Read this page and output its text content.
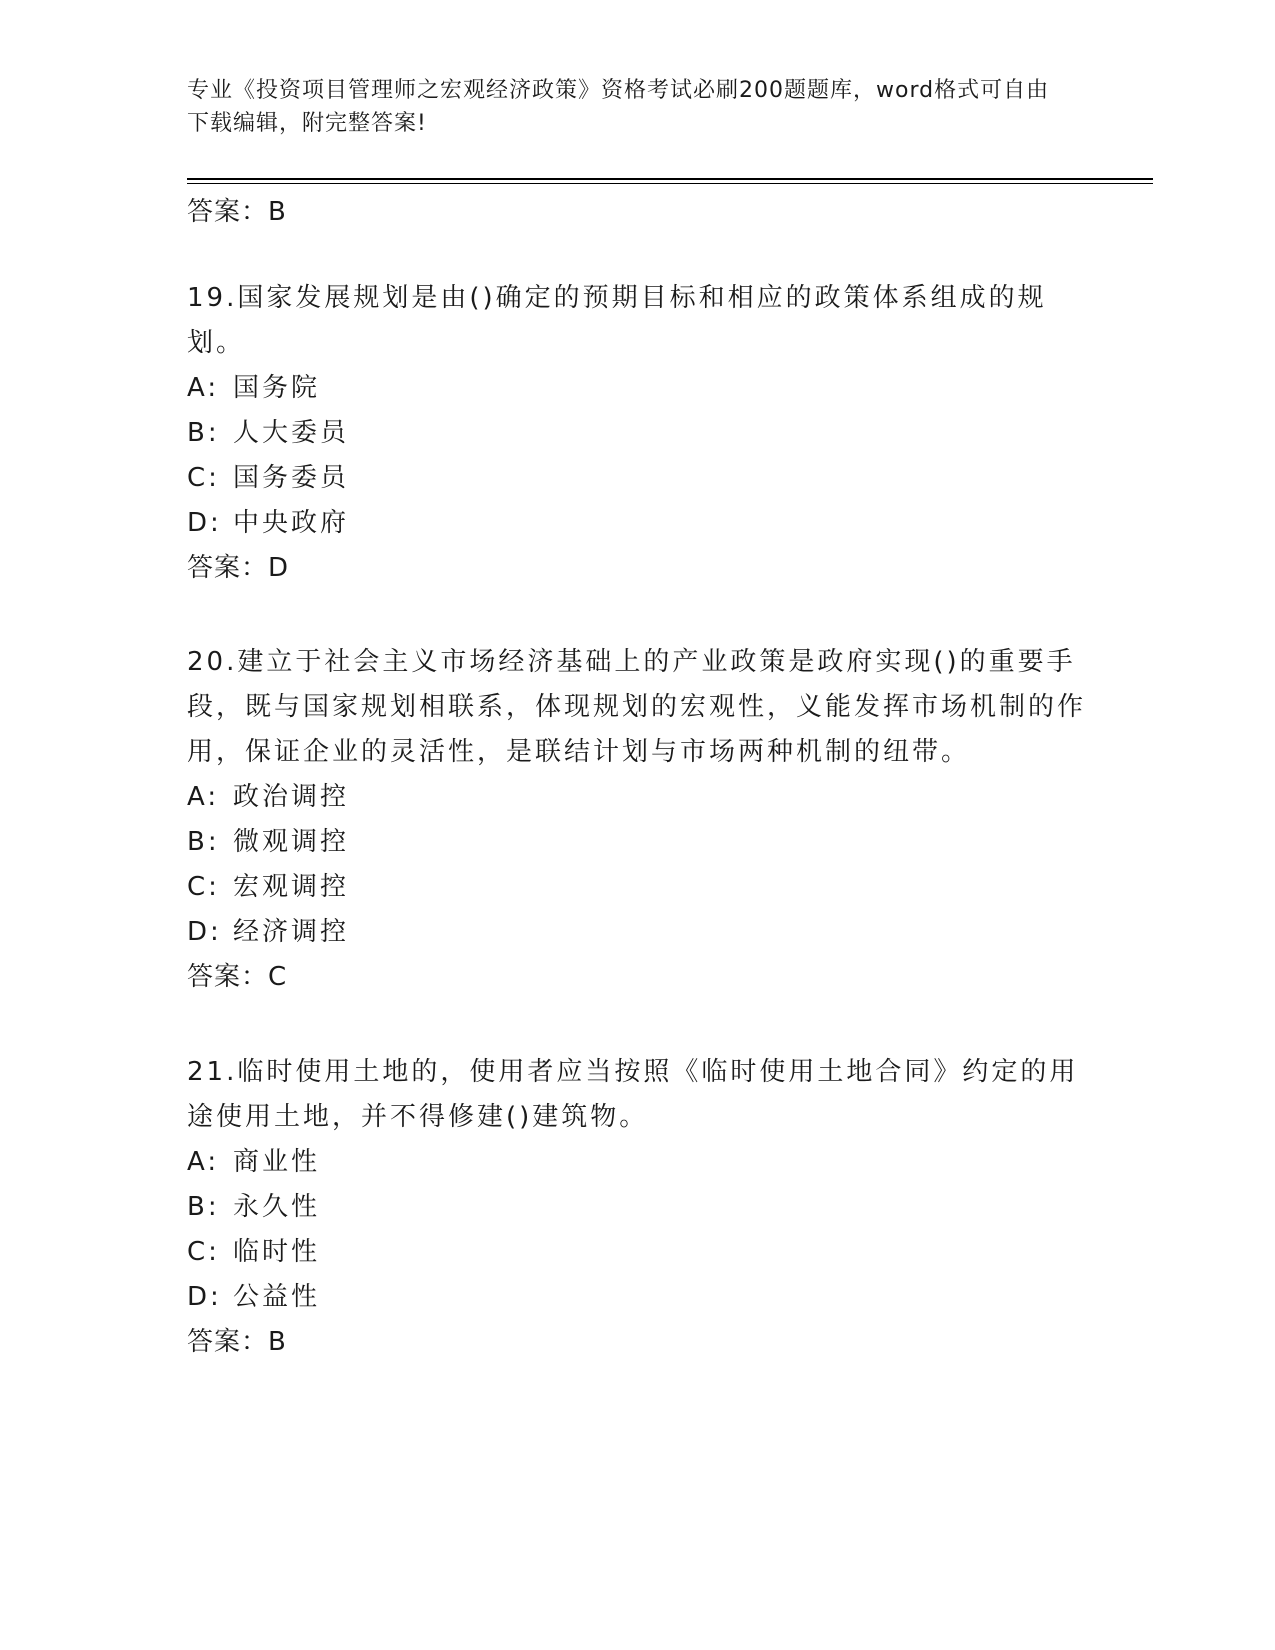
专业《投资项目管理师之宏观经济政策》资格考试必刷200题题库，word格式可自由下载编辑，附完整答案!

答案：B

19.国家发展规划是由()确定的预期目标和相应的政策体系组成的规划。

A: 国务院

B: 人大委员

C: 国务委员

D: 中央政府

答案：D

20.建立于社会主义市场经济基础上的产业政策是政府实现()的重要手段，既与国家规划相联系，体现规划的宏观性，义能发挥市场机制的作用，保证企业的灵活性，是联结计划与市场两种机制的纽带。

A: 政治调控

B: 微观调控

C: 宏观调控

D: 经济调控

答案：C

21.临时使用土地的，使用者应当按照《临时使用土地合同》约定的用途使用土地，并不得修建()建筑物。

A: 商业性

B: 永久性

C: 临时性

D: 公益性

答案：B
